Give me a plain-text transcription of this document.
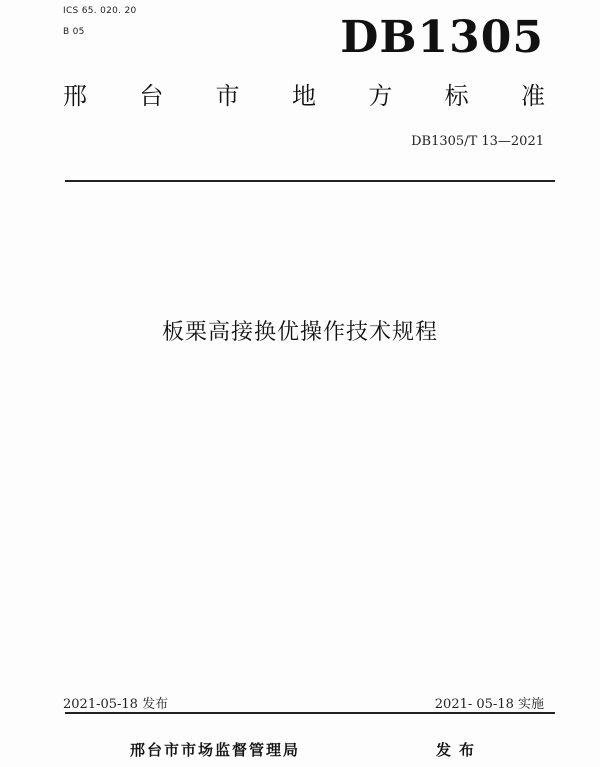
ICS 65. 020. 20
B 05	DB1305
邢 台 市 地 方 标 准
DB1305/T 13—2021
板栗高接换优操作技术规程
2021-05-18 发布	2021- 05-18 实施
邢台市市场监督管理局	发布
